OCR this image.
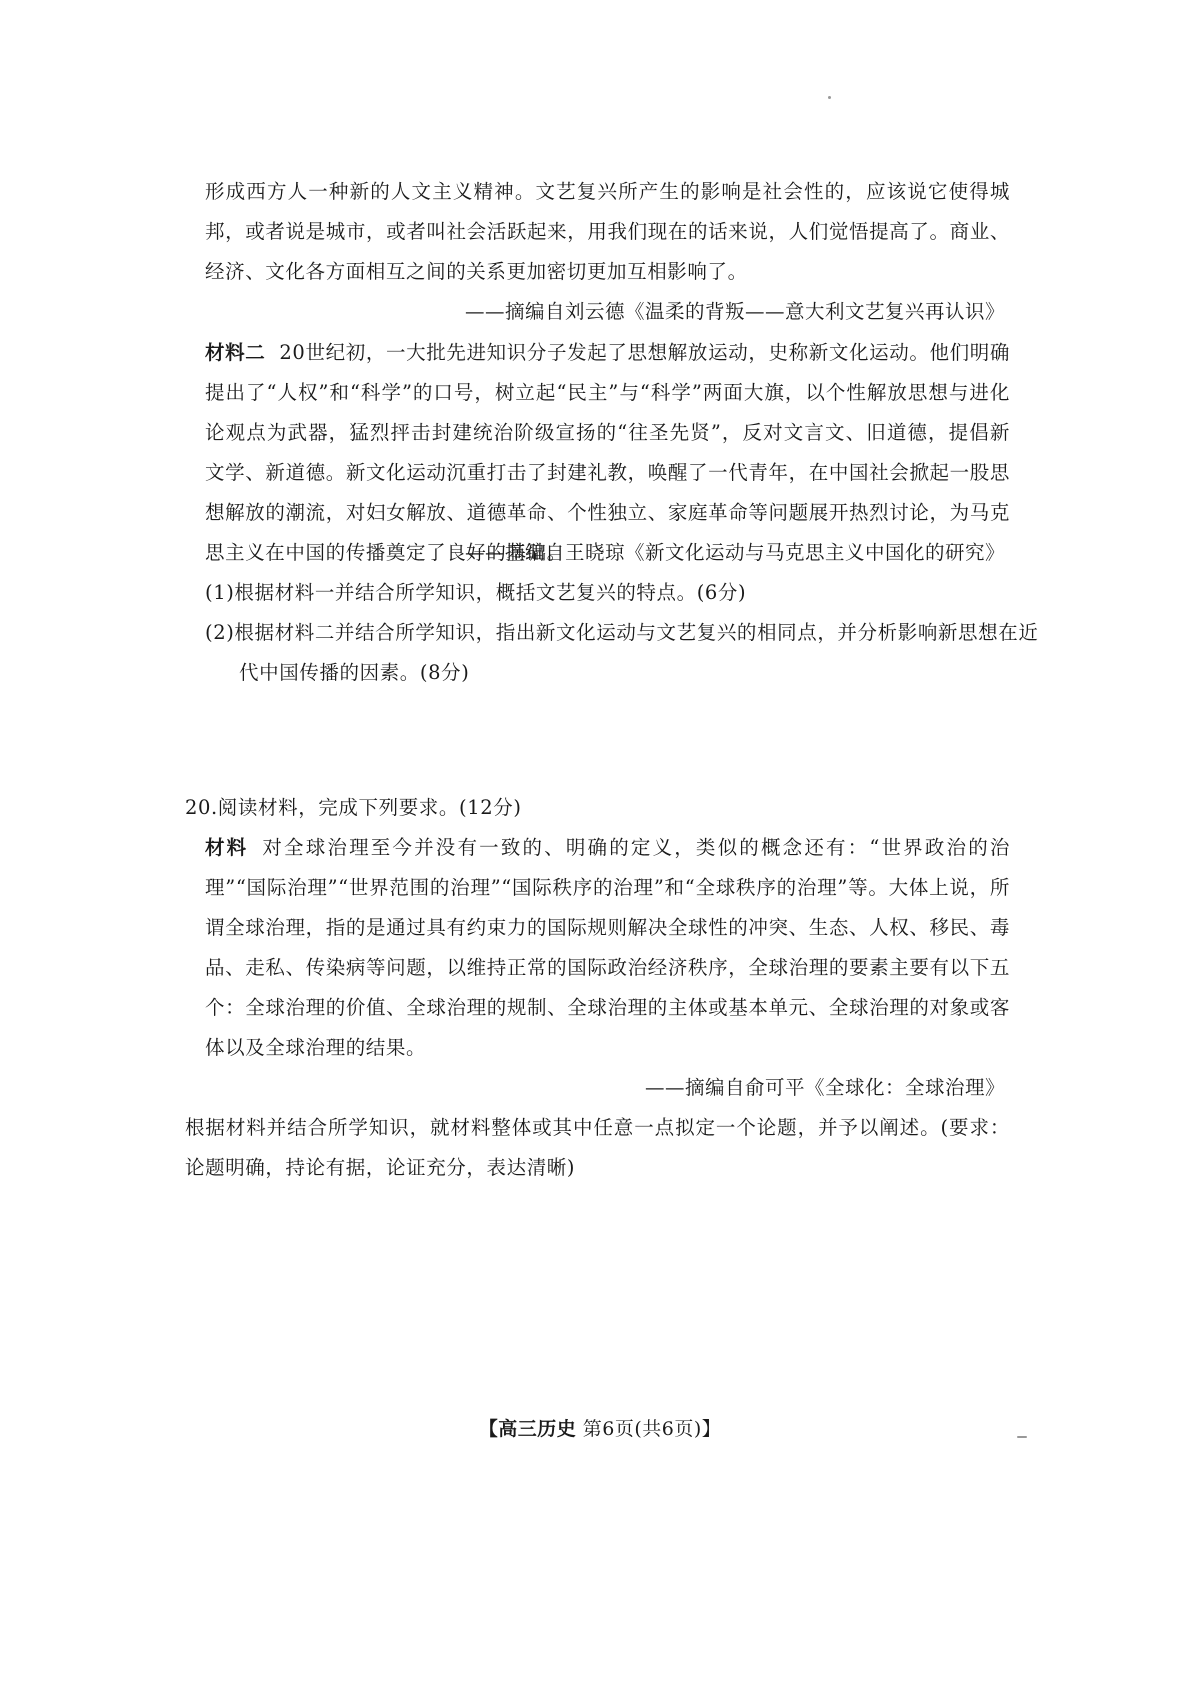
形成西方人一种新的人文主义精神。文艺复兴所产生的影响是社会性的，应该说它使得城邦，或者说是城市，或者叫社会活跃起来，用我们现在的话来说，人们觉悟提高了。商业、经济、文化各方面相互之间的关系更加密切更加互相影响了。
——摘编自刘云德《温柔的背叛——意大利文艺复兴再认识》
材料二 20世纪初，一大批先进知识分子发起了思想解放运动，史称新文化运动。他们明确提出了“人权”和“科学”的口号，树立起“民主”与“科学”两面大旗，以个性解放思想与进化论观点为武器，猛烈抨击封建统治阶级宣扬的“往圣先贤”，反对文言文、旧道德，提倡新文学、新道德。新文化运动沉重打击了封建礼教，唤醒了一代青年，在中国社会掀起一股思想解放的潮流，对妇女解放、道德革命、个性独立、家庭革命等问题展开热烈讨论，为马克思主义在中国的传播奠定了良好的基础。
——摘编自王晓琼《新文化运动与马克思主义中国化的研究》
(1)根据材料一并结合所学知识，概括文艺复兴的特点。(6分)
(2)根据材料二并结合所学知识，指出新文化运动与文艺复兴的相同点，并分析影响新思想在近代中国传播的因素。(8分)
20.阅读材料，完成下列要求。(12分)
材料 对全球治理至今并没有一致的、明确的定义，类似的概念还有：“世界政治的治理”“国际治理”“世界范围的治理”“国际秩序的治理”和“全球秩序的治理”等。大体上说，所谓全球治理，指的是通过具有约束力的国际规则解决全球性的冲突、生态、人权、移民、毒品、走私、传染病等问题，以维持正常的国际政治经济秩序，全球治理的要素主要有以下五个：全球治理的价值、全球治理的规制、全球治理的主体或基本单元、全球治理的对象或客体以及全球治理的结果。
——摘编自俞可平《全球化：全球治理》
根据材料并结合所学知识，就材料整体或其中任意一点拟定一个论题，并予以阐述。(要求：论题明确，持论有据，论证充分，表达清晰)
【高三历史 第6页(共6页)】
